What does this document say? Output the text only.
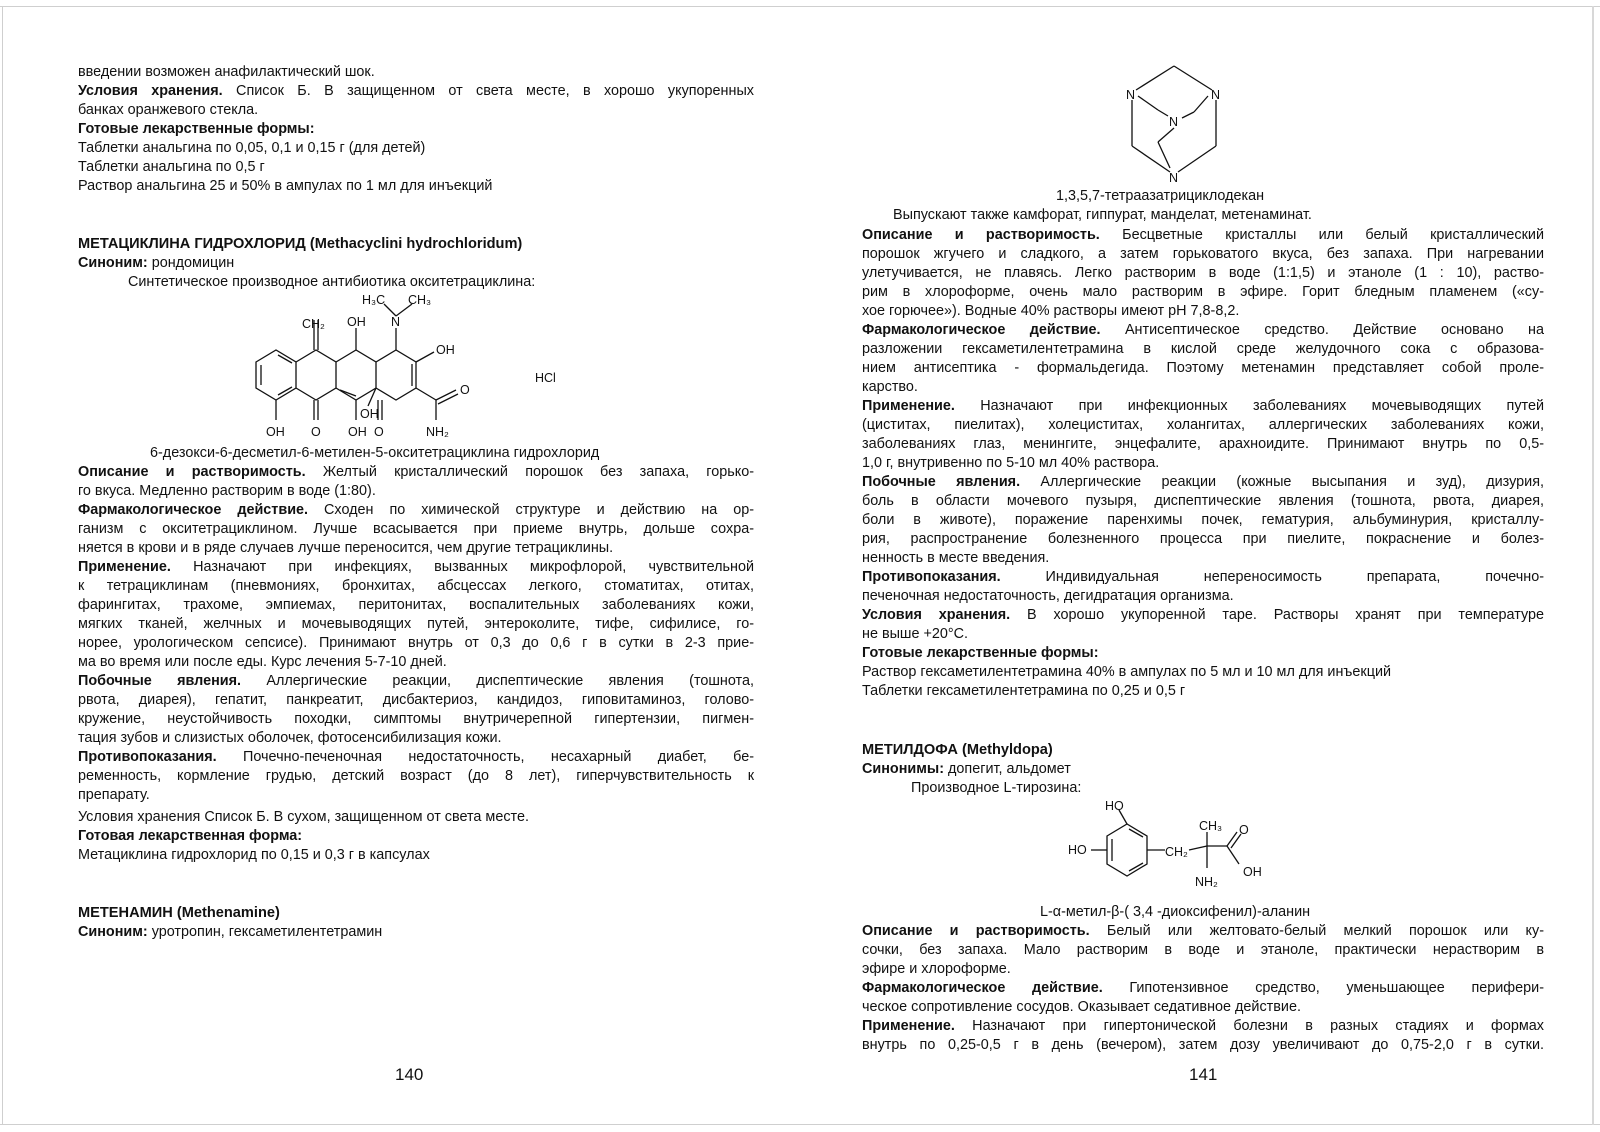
введении возможен анафилактический шок.
Условия хранения. Список Б. В защищенном от света месте, в хорошо укупоренных
банках оранжевого стекла.
Готовые лекарственные формы:
Таблетки анальгина по 0,05, 0,1 и 0,15 г (для детей)
Таблетки анальгина по 0,5 г
Раствор анальгина 25 и 50% в ампулах по 1 мл для инъекций
МЕТАЦИКЛИНА ГИДРОХЛОРИД (Methacyclini hydrochloridum)
Синоним: рондомицин
Синтетическое производное антибиотика окситетрациклина:
CH₂ OH N
H₃C CH₃
OH
O
NH₂
OH O OH O
OH
HCl
6-дезокси-6-десметил-6-метилен-5-окситетрациклина гидрохлорид
Описание и растворимость. Желтый кристаллический порошок без запаха, горько-
го вкуса. Медленно растворим в воде (1:80).
Фармакологическое действие. Сходен по химической структуре и действию на ор-
ганизм с окситетрациклином. Лучше всасывается при приеме внутрь, дольше сохра-
няется в крови и в ряде случаев лучше переносится, чем другие тетрациклины.
Применение. Назначают при инфекциях, вызванных микрофлорой, чувствительной
к тетрациклинам (пневмониях, бронхитах, абсцессах легкого, стоматитах, отитах,
фарингитах, трахоме, эмпиемах, перитонитах, воспалительных заболеваниях кожи,
мягких тканей, желчных и мочевыводящих путей, энтероколите, тифе, сифилисе, го-
норее, урологическом сепсисе). Принимают внутрь от 0,3 до 0,6 г в сутки в 2-3 прие-
ма во время или после еды. Курс лечения 5-7-10 дней.
Побочные явления. Аллергические реакции, диспептические явления (тошнота,
рвота, диарея), гепатит, панкреатит, дисбактериоз, кандидоз, гиповитаминоз, голово-
кружение, неустойчивость походки, симптомы внутричерепной гипертензии, пигмен-
тация зубов и слизистых оболочек, фотосенсибилизация кожи.
Противопоказания. Почечно-печеночная недостаточность, несахарный диабет, бе-
ременность, кормление грудью, детский возраст (до 8 лет), гиперчувствительность к
препарату.
Условия хранения Список Б. В сухом, защищенном от света месте.
Готовая лекарственная форма:
Метациклина гидрохлорид по 0,15 и 0,3 г в капсулах
МЕТЕНАМИН (Methenamine)
Синоним: уротропин, гексаметилентетрамин
140
N	N
N
N
1,3,5,7-тетраазатрициклодекан
Выпускают также камфорат, гиппурат, манделат, метенаминат.
Описание и растворимость. Бесцветные кристаллы или белый кристаллический
порошок жгучего и сладкого, а затем горьковатого вкуса, без запаха. При нагревании
улетучивается, не плавясь. Легко растворим в воде (1:1,5) и этаноле (1 : 10), раство-
рим в хлороформе, очень мало растворим в эфире. Горит бледным пламенем («су-
хое горючее»). Водные 40% растворы имеют pH 7,8-8,2.
Фармакологическое действие. Антисептическое средство. Действие основано на
разложении гексаметилентетрамина в кислой среде желудочного сока с образова-
нием антисептика - формальдегида. Поэтому метенамин представляет собой проле-
карство.
Применение. Назначают при инфекционных заболеваниях мочевыводящих путей
(циститах, пиелитах), холециститах, холангитах, аллергических заболеваниях кожи,
заболеваниях глаз, менингите, энцефалите, арахноидите. Принимают внутрь по 0,5-
1,0 г, внутривенно по 5-10 мл 40% раствора.
Побочные явления. Аллергические реакции (кожные высыпания и зуд), дизурия,
боль в области мочевого пузыря, диспептические явления (тошнота, рвота, диарея,
боли в животе), поражение паренхимы почек, гематурия, альбуминурия, кристаллу-
рия, распространение болезненного процесса при пиелите, покраснение и болез-
ненность в месте введения.
Противопоказания. Индивидуальная непереносимость препарата, почечно-
печеночная недостаточность, дегидратация организма.
Условия хранения. В хорошо укупоренной таре. Растворы хранят при температуре
не выше +20°С.
Готовые лекарственные формы:
Раствор гексаметилентетрамина 40% в ампулах по 5 мл и 10 мл для инъекций
Таблетки гексаметилентетрамина по 0,25 и 0,5 г
МЕТИЛДОФА (Methyldopa)
Синонимы: допегит, альдомет
Производное L-тирозина:
HO
HO
CH₃
CH₂
O
NH₂
OH
L-α-метил-β-( 3,4 -диоксифенил)-аланин
Описание и растворимость. Белый или желтовато-белый мелкий порошок или ку-
сочки, без запаха. Мало растворим в воде и этаноле, практически нерастворим в
эфире и хлороформе.
Фармакологическое действие. Гипотензивное средство, уменьшающее перифери-
ческое сопротивление сосудов. Оказывает седативное действие.
Применение. Назначают при гипертонической болезни в разных стадиях и формах
внутрь по 0,25-0,5 г в день (вечером), затем дозу увеличивают до 0,75-2,0 г в сутки.
141
